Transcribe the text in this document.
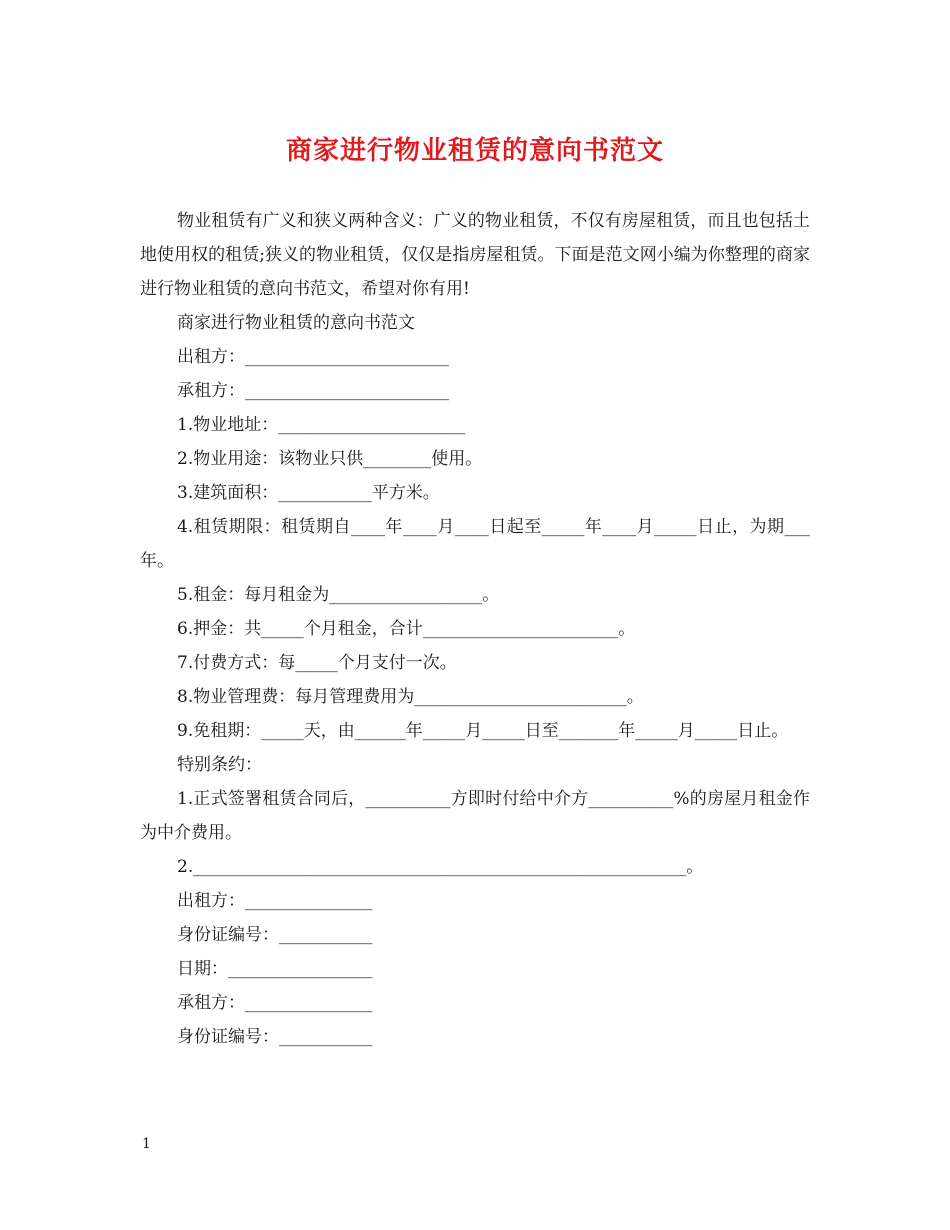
商家进行物业租赁的意向书范文

物业租赁有广义和狭义两种含义：广义的物业租赁，不仅有房屋租赁，而且也包括土地使用权的租赁;狭义的物业租赁，仅仅是指房屋租赁。下面是范文网小编为你整理的商家进行物业租赁的意向书范文，希望对你有用!

商家进行物业租赁的意向书范文

出租方：________________________

承租方：________________________

1.物业地址：______________________

2.物业用途：该物业只供________使用。

3.建筑面积：___________平方米。

4.租赁期限：租赁期自____年____月____日起至_____年____月_____日止，为期___年。

5.租金：每月租金为__________________。

6.押金：共_____个月租金，合计_______________________。

7.付费方式：每_____个月支付一次。

8.物业管理费：每月管理费用为_________________________。

9.免租期：_____天，由______年_____月_____日至_______年_____月_____日止。

特别条约：

1.正式签署租赁合同后，__________方即时付给中介方__________%的房屋月租金作为中介费用。

2.__________________________________________________________。

出租方：_______________

身份证编号：___________

日期：_________________

承租方：_______________

身份证编号：___________

1
